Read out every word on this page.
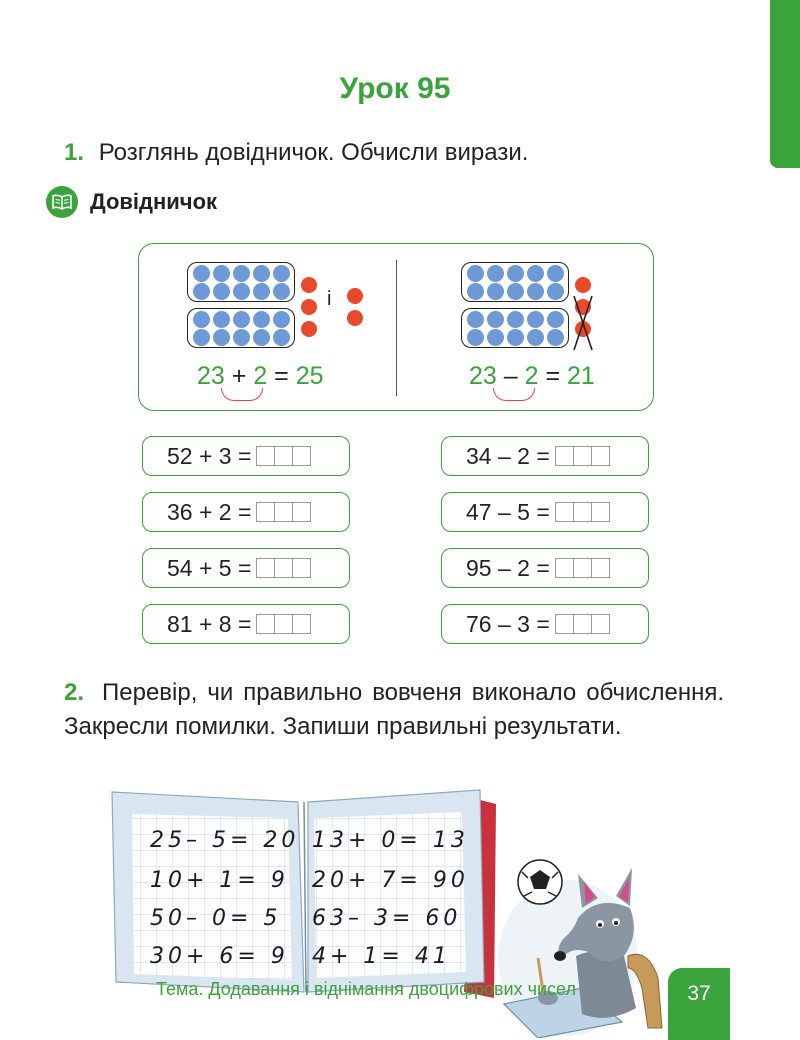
Урок 95
1. Розглянь довідничок. Обчисли вирази.
Довідничок
і
23 + 2 = 25	23 – 2 = 21
52 + 3 =
36 + 2 =
54 + 5 =
81 + 8 =
34 – 2 =
47 – 5 =
95 – 2 =
76 – 3 =
2. Перевір, чи правильно вовченя виконало обчислення. Закресли помилки. Запиши правильні результати.
25– 5= 20
10+ 1= 9
50– 0= 5
30+ 6= 9
13+ 0= 13
20+ 7= 90
63– 3= 60
4+ 1= 41
Тема. Додавання і віднімання двоцифрових чисел	37
